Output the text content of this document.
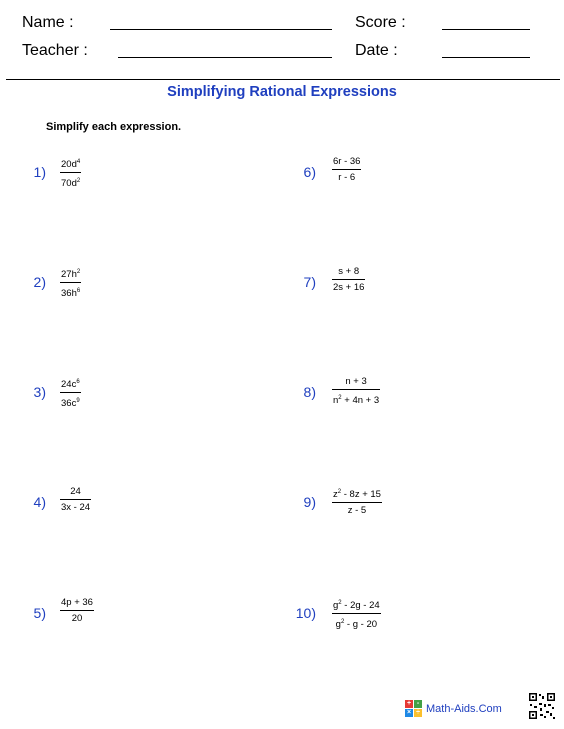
Name :	Score :
Teacher :	Date :
Simplifying Rational Expressions
Simplify each expression.
1) $20d^4$
$70d^2$
2) $27h^2$
$36h^6$
3) $24c^6$
$36c^9$
4)
24
3x - 24
5)
4p + 36
20
6)
6r - 36
r - 6
7)
s + 8
2s + 16
8)
n + 3
$n^2 + 4n + 3$
9) $z^2 - 8z + 15$
z - 5
10) $g^2 - 2g - 24$
$g^2$ - g - 20
+ -
× ÷ Math-Aids.Com
